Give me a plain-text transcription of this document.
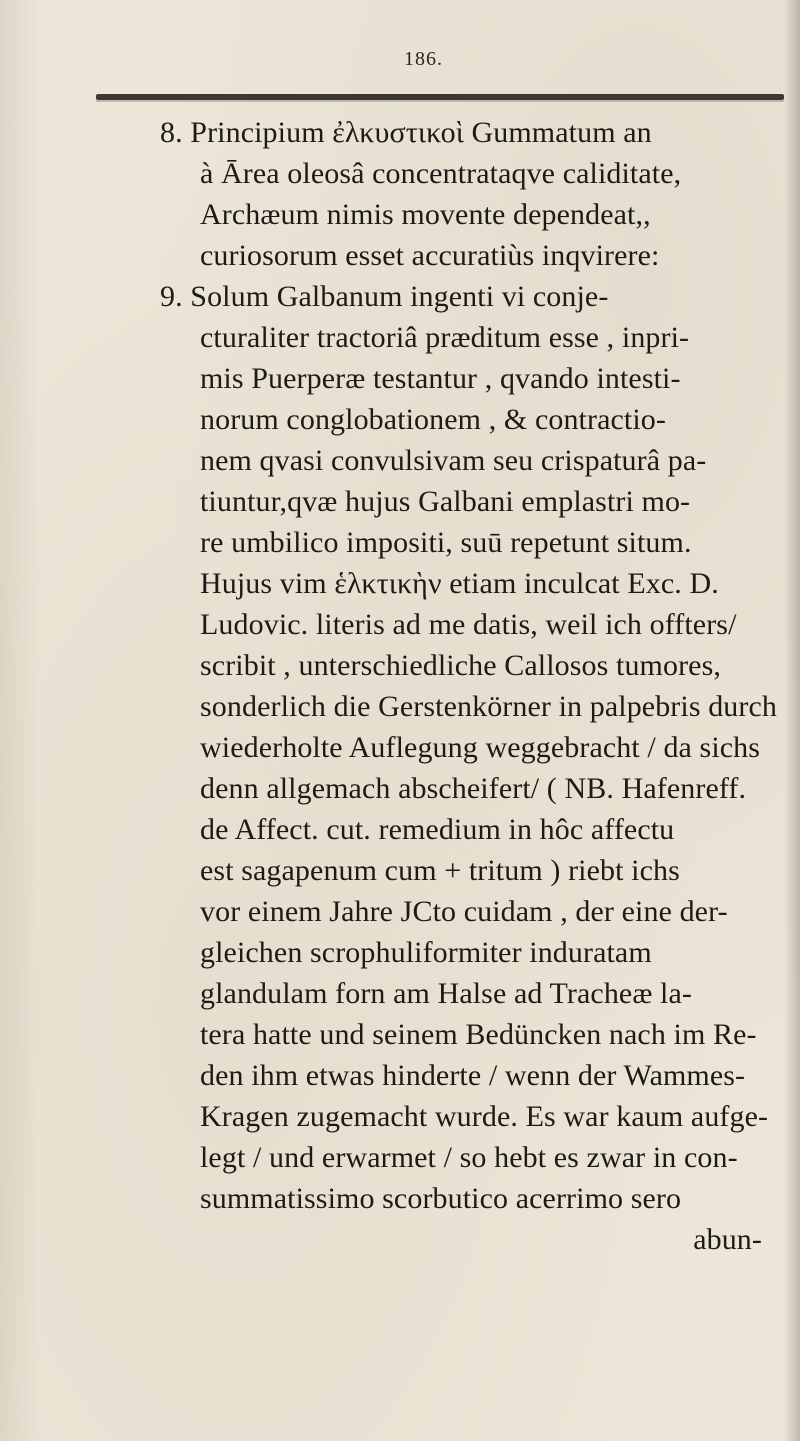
186.
8. Principium ἐλκυστικοὶ Gummatum an
à Ārea oleosâ concentrataqve caliditate,
Archæum nimis movente dependeat,,
curiosorum esset accuratiùs inqvirere:
9. Solum Galbanum ingenti vi conje-
cturaliter tractoriâ præditum esse , inpri-
mis Puerperæ testantur , qvando intesti-
norum conglobationem , & contractio-
nem qvasi convulsivam seu crispaturâ pa-
tiuntur,qvæ hujus Galbani emplastri mo-
re umbilico impositi, suū repetunt situm.
Hujus vim ἑλκτικὴν etiam inculcat Exc. D.
Ludovic. literis ad me datis, weil ich offters/
scribit , unterschiedliche Callosos tumores,
sonderlich die Gerstenkörner in palpebris durch
wiederholte Auflegung weggebracht / da sichs
denn allgemach abscheifert/ ( NB. Hafenreff.
de Affect. cut. remedium in hôc affectu
est sagapenum cum + tritum ) riebt ichs
vor einem Jahre JCto cuidam , der eine der-
gleichen scrophuliformiter induratam
glandulam forn am Halse ad Tracheæ la-
tera hatte und seinem Bedüncken nach im Re-
den ihm etwas hinderte / wenn der Wammes-
Kragen zugemacht wurde. Es war kaum aufge-
legt / und erwarmet / so hebt es zwar in con-
summatissimo scorbutico acerrimo sero
abun-
